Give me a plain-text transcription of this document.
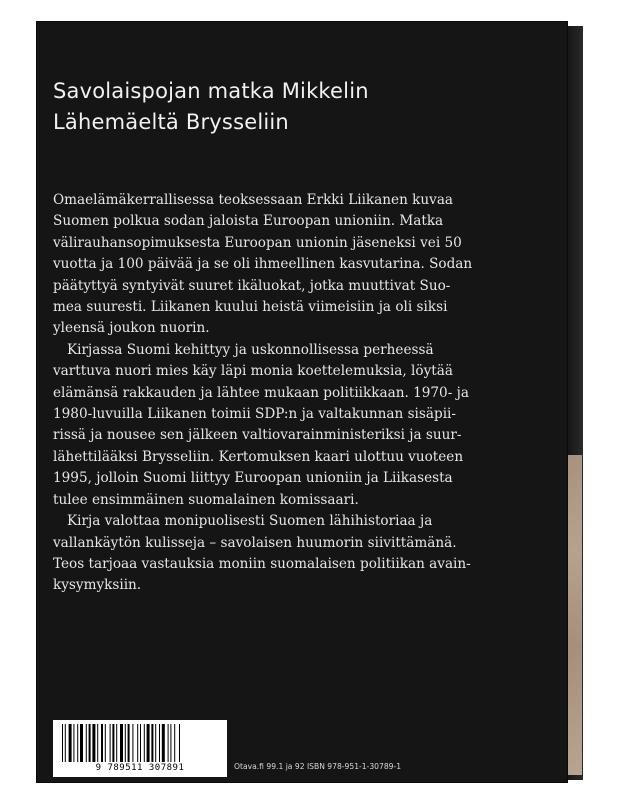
Savolaispojan matka Mikkelin
Lähemäeltä Brysseliin
Omaelämäkerrallisessa teoksessaan Erkki Liikanen kuvaa
Suomen polkua sodan jaloista Euroopan unioniin. Matka
välirauhansopimuksesta Euroopan unionin jäseneksi vei 50
vuotta ja 100 päivää ja se oli ihmeellinen kasvutarina. Sodan
päätyttyä syntyivät suuret ikäluokat, jotka muuttivat Suo-
mea suuresti. Liikanen kuului heistä viimeisiin ja oli siksi
yleensä joukon nuorin.
Kirjassa Suomi kehittyy ja uskonnollisessa perheessä
varttuva nuori mies käy läpi monia koettelemuksia, löytää
elämänsä rakkauden ja lähtee mukaan politiikkaan. 1970- ja
1980-luvuilla Liikanen toimii SDP:n ja valtakunnan sisäpii-
rissä ja nousee sen jälkeen valtiovarainministeriksi ja suur-
lähettilääksi Brysseliin. Kertomuksen kaari ulottuu vuoteen
1995, jolloin Suomi liittyy Euroopan unioniin ja Liikasesta
tulee ensimmäinen suomalainen komissaari.
Kirja valottaa monipuolisesti Suomen lähihistoriaa ja
vallankäytön kulisseja – savolaisen huumorin siivittämänä.
Teos tarjoaa vastauksia moniin suomalaisen politiikan avain-
kysymyksiin.
9 789511 307891	Otava.fi 99.1 ja 92 ISBN 978-951-1-30789-1
